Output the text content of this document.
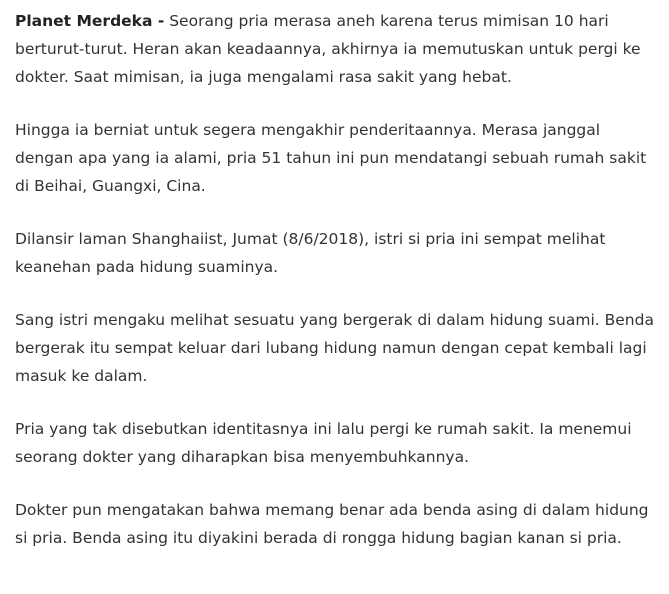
Planet Merdeka - Seorang pria merasa aneh karena terus mimisan 10 hari berturut-turut. Heran akan keadaannya, akhirnya ia memutuskan untuk pergi ke dokter. Saat mimisan, ia juga mengalami rasa sakit yang hebat.

Hingga ia berniat untuk segera mengakhir penderitaannya. Merasa janggal dengan apa yang ia alami, pria 51 tahun ini pun mendatangi sebuah rumah sakit di Beihai, Guangxi, Cina.

Dilansir laman Shanghaiist, Jumat (8/6/2018), istri si pria ini sempat melihat keanehan pada hidung suaminya.

Sang istri mengaku melihat sesuatu yang bergerak di dalam hidung suami. Benda bergerak itu sempat keluar dari lubang hidung namun dengan cepat kembali lagi masuk ke dalam.

Pria yang tak disebutkan identitasnya ini lalu pergi ke rumah sakit. Ia menemui seorang dokter yang diharapkan bisa menyembuhkannya.

Dokter pun mengatakan bahwa memang benar ada benda asing di dalam hidung si pria. Benda asing itu diyakini berada di rongga hidung bagian kanan si pria.
